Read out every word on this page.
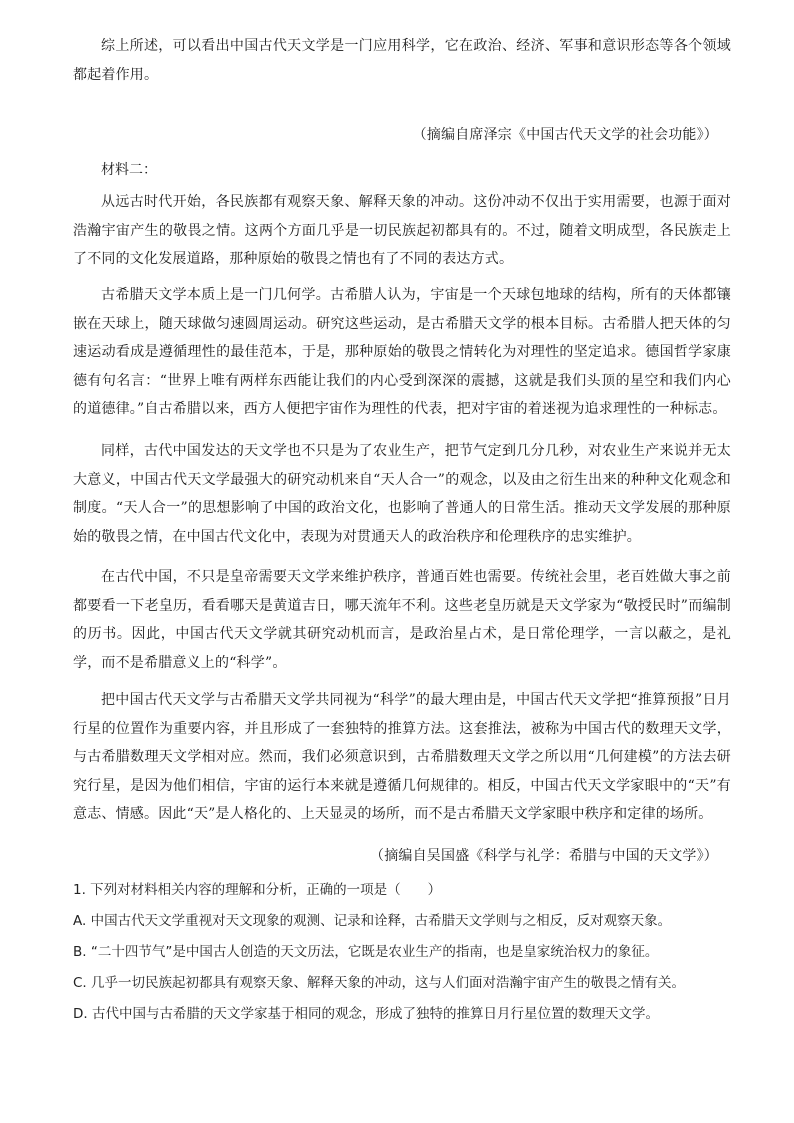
综上所述，可以看出中国古代天文学是一门应用科学，它在政治、经济、军事和意识形态等各个领域都起着作用。
（摘编自席泽宗《中国古代天文学的社会功能》）
材料二：
从远古时代开始，各民族都有观察天象、解释天象的冲动。这份冲动不仅出于实用需要，也源于面对浩瀚宇宙产生的敬畏之情。这两个方面几乎是一切民族起初都具有的。不过，随着文明成型，各民族走上了不同的文化发展道路，那种原始的敬畏之情也有了不同的表达方式。
古希腊天文学本质上是一门几何学。古希腊人认为，宇宙是一个天球包地球的结构，所有的天体都镶嵌在天球上，随天球做匀速圆周运动。研究这些运动，是古希腊天文学的根本目标。古希腊人把天体的匀速运动看成是遵循理性的最佳范本，于是，那种原始的敬畏之情转化为对理性的坚定追求。德国哲学家康德有句名言：“世界上唯有两样东西能让我们的内心受到深深的震撼，这就是我们头顶的星空和我们内心的道德律。”自古希腊以来，西方人便把宇宙作为理性的代表，把对宇宙的着迷视为追求理性的一种标志。
同样，古代中国发达的天文学也不只是为了农业生产，把节气定到几分几秒，对农业生产来说并无太大意义，中国古代天文学最强大的研究动机来自“天人合一”的观念，以及由之衍生出来的种种文化观念和制度。“天人合一”的思想影响了中国的政治文化，也影响了普通人的日常生活。推动天文学发展的那种原始的敬畏之情，在中国古代文化中，表现为对贯通天人的政治秩序和伦理秩序的忠实维护。
在古代中国，不只是皇帝需要天文学来维护秩序，普通百姓也需要。传统社会里，老百姓做大事之前都要看一下老皇历，看看哪天是黄道吉日，哪天流年不利。这些老皇历就是天文学家为“敬授民时”而编制的历书。因此，中国古代天文学就其研究动机而言，是政治星占术，是日常伦理学，一言以蔽之，是礼学，而不是希腊意义上的“科学”。
把中国古代天文学与古希腊天文学共同视为“科学”的最大理由是，中国古代天文学把“推算预报”日月行星的位置作为重要内容，并且形成了一套独特的推算方法。这套推法，被称为中国古代的数理天文学，与古希腊数理天文学相对应。然而，我们必须意识到，古希腊数理天文学之所以用“几何建模”的方法去研究行星，是因为他们相信，宇宙的运行本来就是遵循几何规律的。相反，中国古代天文学家眼中的“天”有意志、情感。因此“天”是人格化的、上天显灵的场所，而不是古希腊天文学家眼中秩序和定律的场所。
（摘编自吴国盛《科学与礼学：希腊与中国的天文学》）
1. 下列对材料相关内容的理解和分析，正确的一项是（　　）
A. 中国古代天文学重视对天文现象的观测、记录和诠释，古希腊天文学则与之相反，反对观察天象。
B. “二十四节气”是中国古人创造的天文历法，它既是农业生产的指南，也是皇家统治权力的象征。
C. 几乎一切民族起初都具有观察天象、解释天象的冲动，这与人们面对浩瀚宇宙产生的敬畏之情有关。
D. 古代中国与古希腊的天文学家基于相同的观念，形成了独特的推算日月行星位置的数理天文学。
